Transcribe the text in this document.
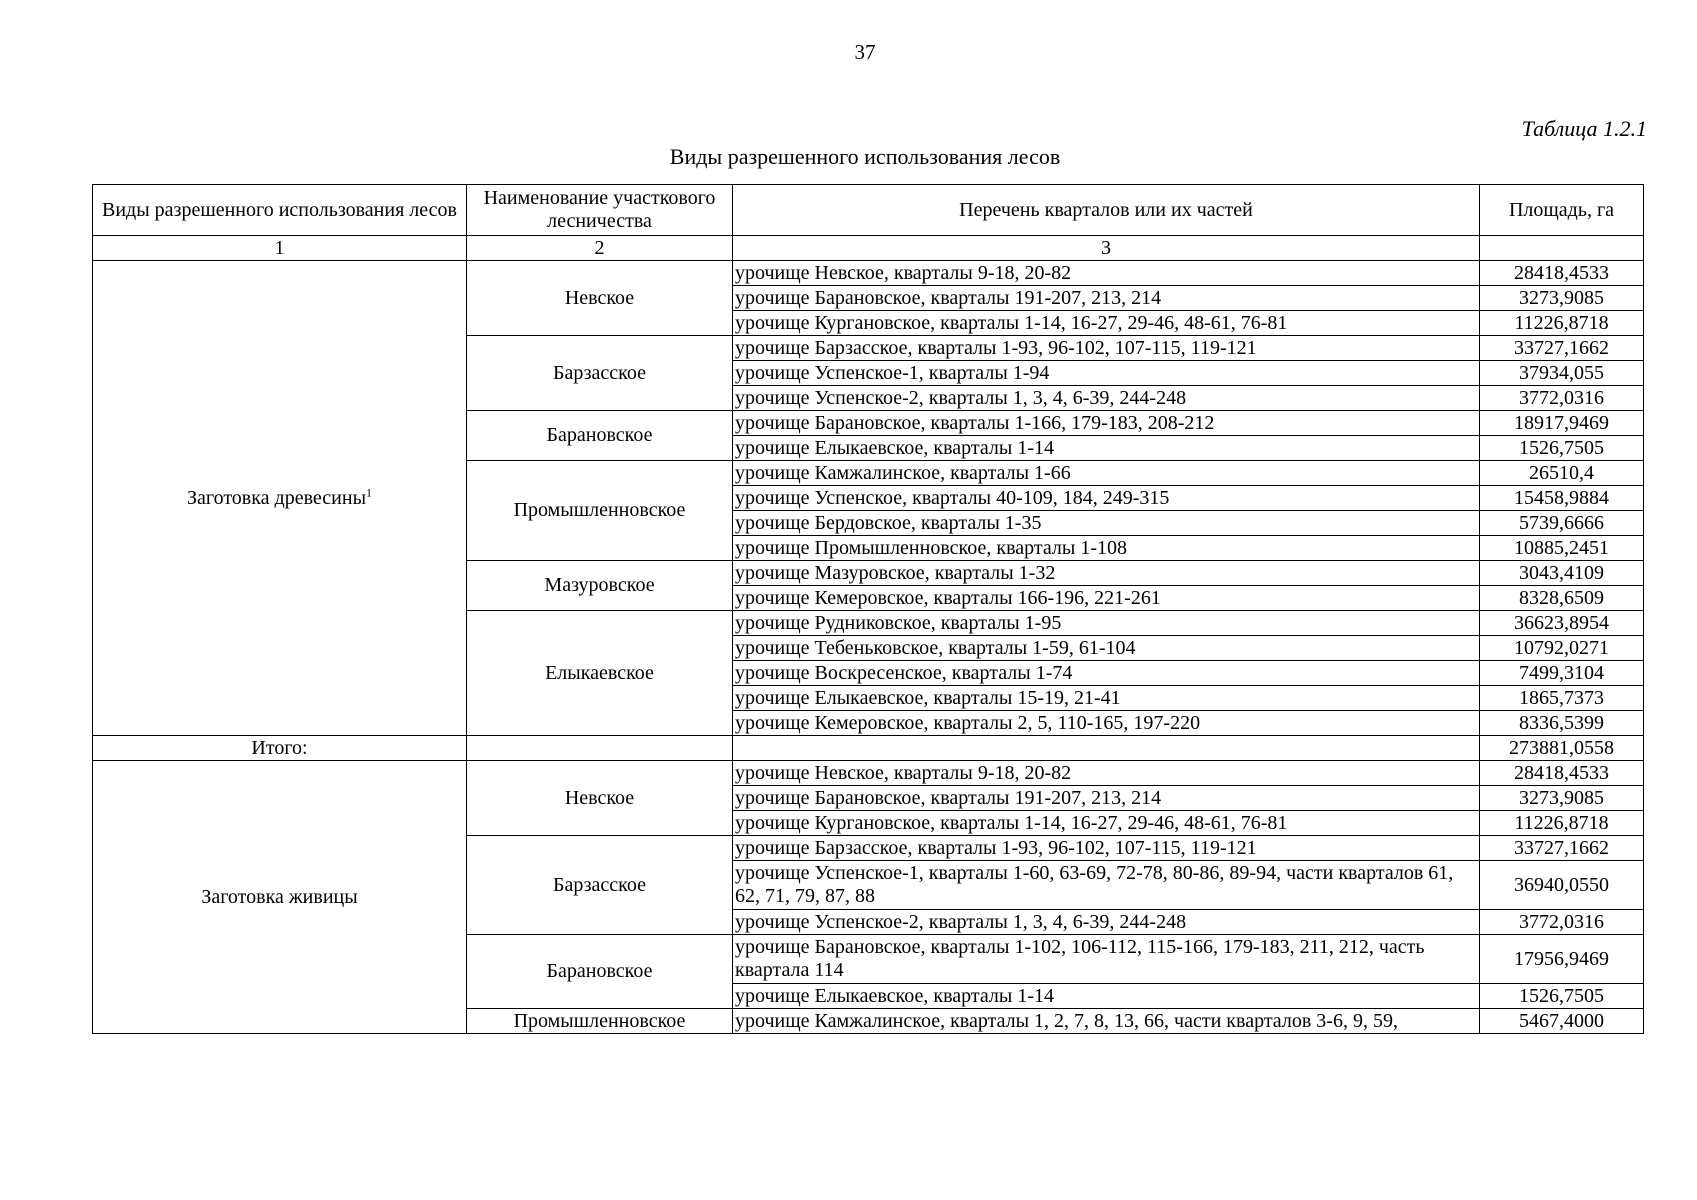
37
Таблица 1.2.1
Виды разрешенного использования лесов
Виды разрешенного использования лесов	Наименование участкового лесничества	Перечень кварталов или их частей	Площадь, га
1	2	3	
Заготовка древесины$^1$	Невское	урочище Невское, кварталы 9-18, 20-82	28418,4533
		урочище Барановское, кварталы 191-207, 213, 214	3273,9085
		урочище Кургановское, кварталы 1-14, 16-27, 29-46, 48-61, 76-81	11226,8718
	Барзасское	урочище Барзасское, кварталы 1-93, 96-102, 107-115, 119-121	33727,1662
		урочище Успенское-1, кварталы 1-94	37934,055
		урочище Успенское-2, кварталы 1, 3, 4, 6-39, 244-248	3772,0316
	Барановское	урочище Барановское, кварталы 1-166, 179-183, 208-212	18917,9469
		урочище Елыкаевское, кварталы 1-14	1526,7505
	Промышленновское	урочище Камжалинское, кварталы 1-66	26510,4
		урочище Успенское, кварталы 40-109, 184, 249-315	15458,9884
		урочище Бердовское, кварталы 1-35	5739,6666
		урочище Промышленновское, кварталы 1-108	10885,2451
	Мазуровское	урочище Мазуровское, кварталы 1-32	3043,4109
		урочище Кемеровское, кварталы 166-196, 221-261	8328,6509
	Елыкаевское	урочище Рудниковское, кварталы 1-95	36623,8954
		урочище Тебеньковское, кварталы 1-59, 61-104	10792,0271
		урочище Воскресенское, кварталы 1-74	7499,3104
		урочище Елыкаевское, кварталы 15-19, 21-41	1865,7373
		урочище Кемеровское, кварталы 2, 5, 110-165, 197-220	8336,5399
Итого:			273881,0558
Заготовка живицы	Невское	урочище Невское, кварталы 9-18, 20-82	28418,4533
		урочище Барановское, кварталы 191-207, 213, 214	3273,9085
		урочище Кургановское, кварталы 1-14, 16-27, 29-46, 48-61, 76-81	11226,8718
	Барзасское	урочище Барзасское, кварталы 1-93, 96-102, 107-115, 119-121	33727,1662
		урочище Успенское-1, кварталы 1-60, 63-69, 72-78, 80-86, 89-94, части кварталов 61, 62, 71, 79, 87, 88	36940,0550
		урочище Успенское-2, кварталы 1, 3, 4, 6-39, 244-248	3772,0316
	Барановское	урочище Барановское, кварталы 1-102, 106-112, 115-166, 179-183, 211, 212, часть квартала 114	17956,9469
		урочище Елыкаевское, кварталы 1-14	1526,7505
	Промышленновское	урочище Камжалинское, кварталы 1, 2, 7, 8, 13, 66, части кварталов 3-6, 9, 59,	5467,4000
